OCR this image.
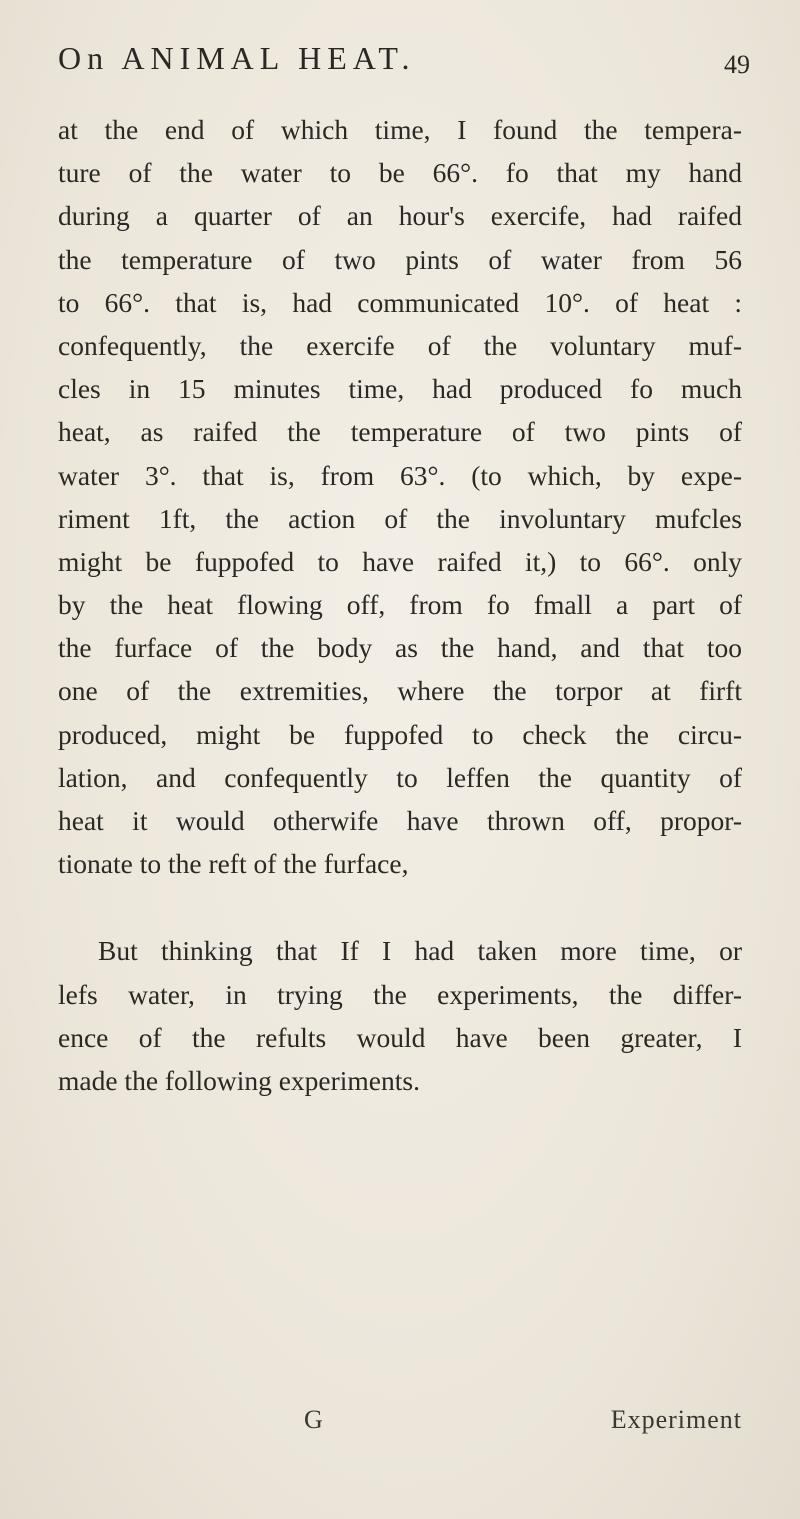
On ANIMAL HEAT.	49
at the end of which time, I found the tempera-
ture of the water to be 66°. fo that my hand
during a quarter of an hour's exercife, had raifed
the temperature of two pints of water from 56
to 66°. that is, had communicated 10°. of heat :
confequently, the exercife of the voluntary muf-
cles in 15 minutes time, had produced fo much
heat, as raifed the temperature of two pints of
water 3°. that is, from 63°. (to which, by expe-
riment 1ft, the action of the involuntary mufcles
might be fuppofed to have raifed it,) to 66°. only
by the heat flowing off, from fo fmall a part of
the furface of the body as the hand, and that too
one of the extremities, where the torpor at firft
produced, might be fuppofed to check the circu-
lation, and confequently to leffen the quantity of
heat it would otherwife have thrown off, propor-
tionate to the reft of the furface,
But thinking that If I had taken more time, or
lefs water, in trying the experiments, the differ-
ence of the refults would have been greater, I
made the following experiments.
G	Experiment
